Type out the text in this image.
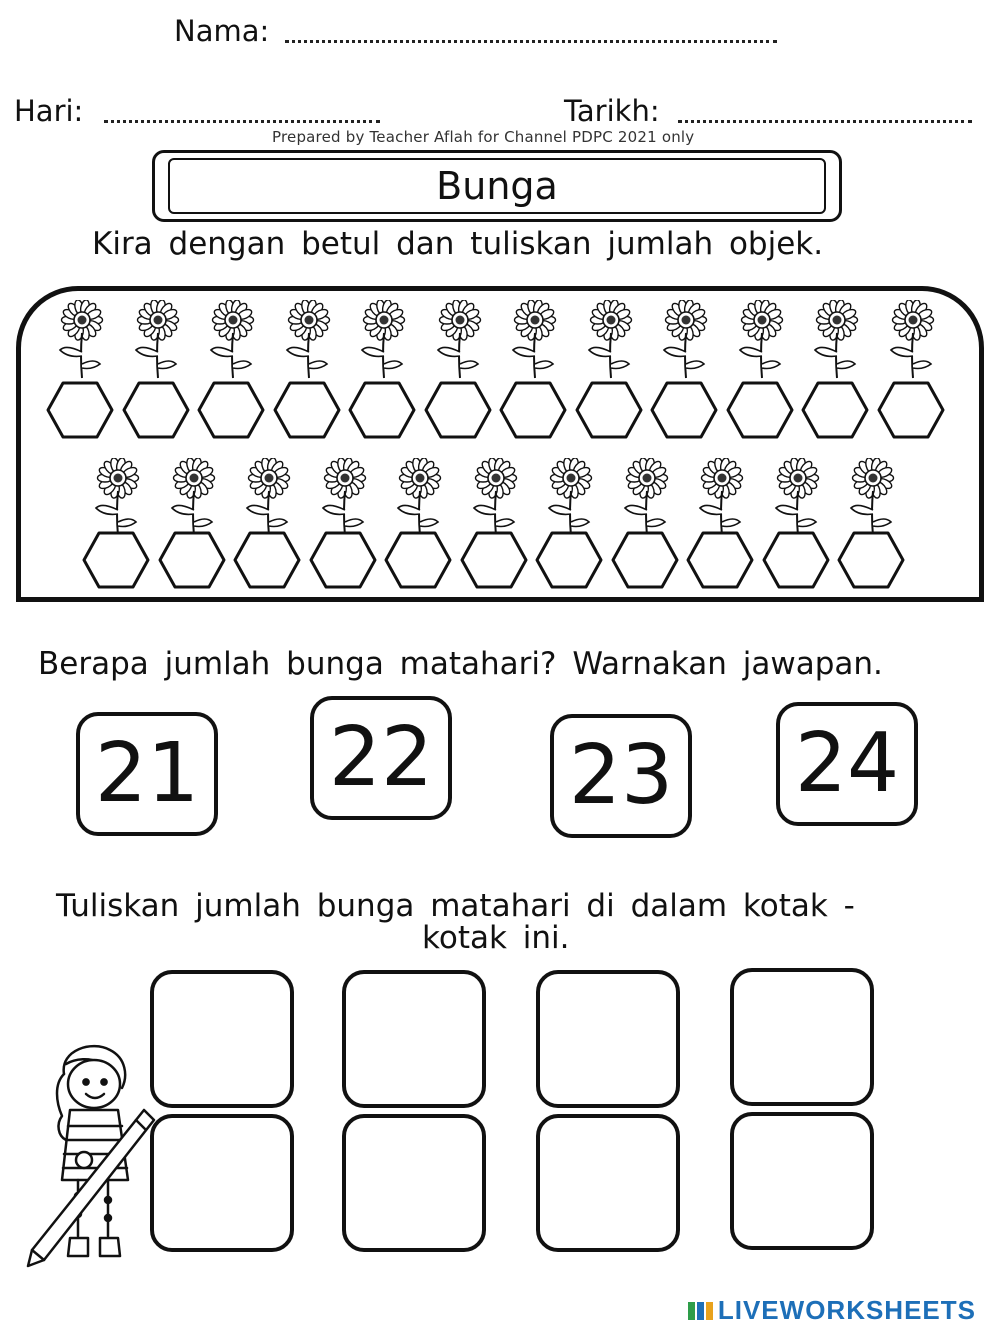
Nama:
Hari:	Tarikh:
Prepared by Teacher Aflah for Channel PDPC 2021 only
Bunga
Kira dengan betul dan tuliskan jumlah objek.
Berapa jumlah bunga matahari? Warnakan jawapan.
21 22 23 24
Tuliskan jumlah bunga matahari di dalam kotak -
kotak ini.
LIVEWORKSHEETS
